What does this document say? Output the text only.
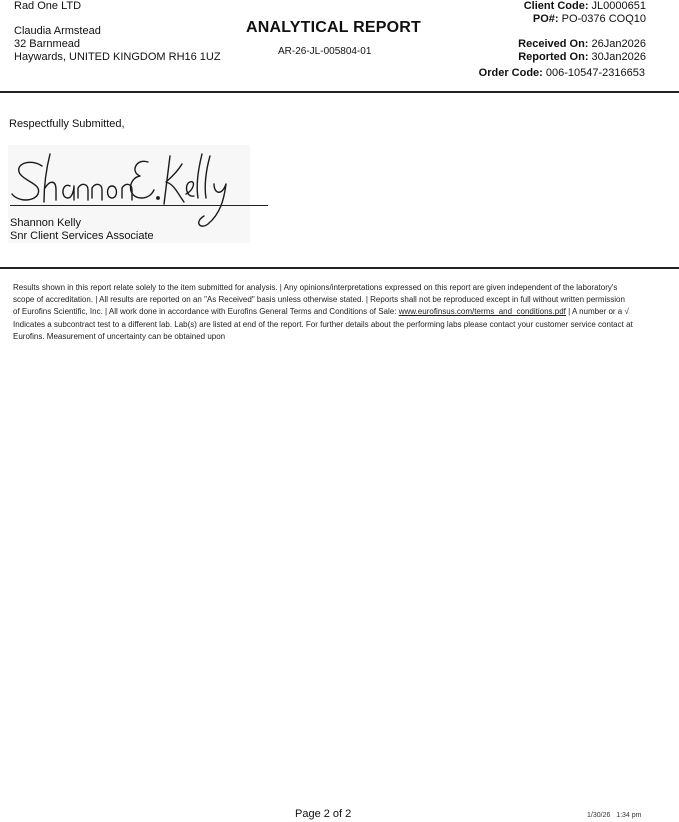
Rad One LTD
Claudia Armstead
32 Barnmead
Haywards, UNITED KINGDOM RH16 1UZ
ANALYTICAL REPORT
AR-26-JL-005804-01
Client Code: JL0000651
PO#: PO-0376 COQ10
Received On: 26Jan2026
Reported On: 30Jan2026
Order Code: 006-10547-2316653
Respectfully Submitted,
Shannon Kelly
Snr Client Services Associate
Results shown in this report relate solely to the item submitted for analysis. | Any opinions/interpretations expressed on this report are given independent of the laboratory's scope of accreditation. | All results are reported on an "As Received" basis unless otherwise stated. | Reports shall not be reproduced except in full without written permission of Eurofins Scientific, Inc. | All work done in accordance with Eurofins General Terms and Conditions of Sale: www.eurofinsus.com/terms_and_conditions.pdf | A number or a √ Indicates a subcontract test to a different lab. Lab(s) are listed at end of the report. For further details about the performing labs please contact your customer service contact at Eurofins. Measurement of uncertainty can be obtained upon
Page 2 of 2	1/30/26 1:34 pm
